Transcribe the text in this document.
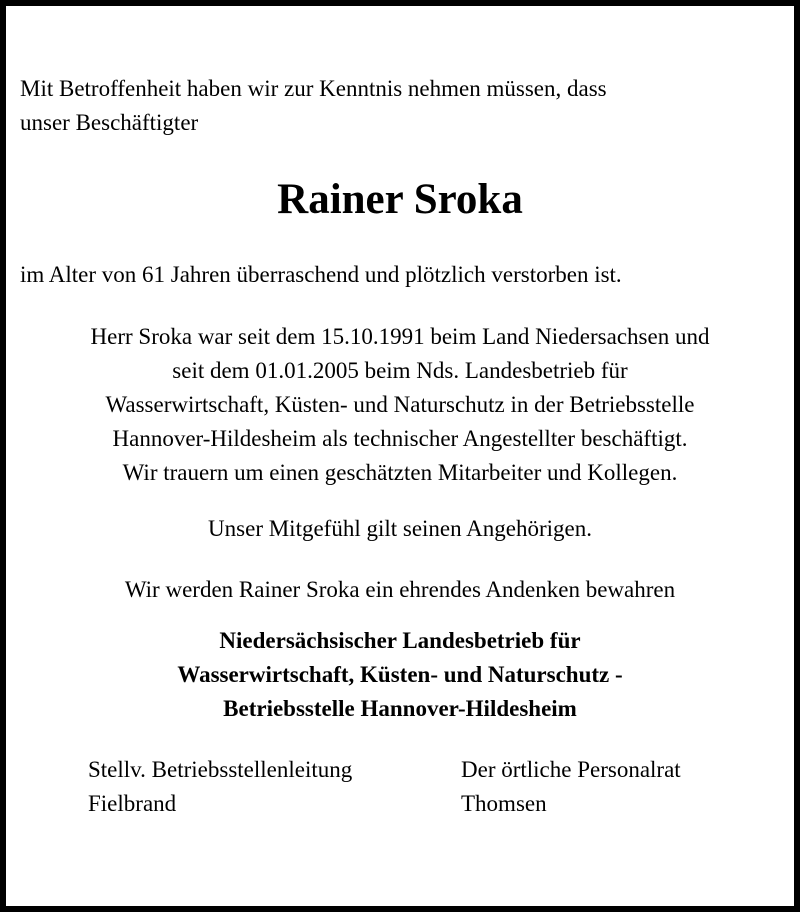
Mit Betroffenheit haben wir zur Kenntnis nehmen müssen, dass
unser Beschäftigter

Rainer Sroka

im Alter von 61 Jahren überraschend und plötzlich verstorben ist.

Herr Sroka war seit dem 15.10.1991 beim Land Niedersachsen und
seit dem 01.01.2005 beim Nds. Landesbetrieb für
Wasserwirtschaft, Küsten- und Naturschutz in der Betriebsstelle
Hannover-Hildesheim als technischer Angestellter beschäftigt.
Wir trauern um einen geschätzten Mitarbeiter und Kollegen.

Unser Mitgefühl gilt seinen Angehörigen.

Wir werden Rainer Sroka ein ehrendes Andenken bewahren

Niedersächsischer Landesbetrieb für
Wasserwirtschaft, Küsten- und Naturschutz -
Betriebsstelle Hannover-Hildesheim

Stellv. Betriebsstellenleitung
Fielbrand
Der örtliche Personalrat
Thomsen
